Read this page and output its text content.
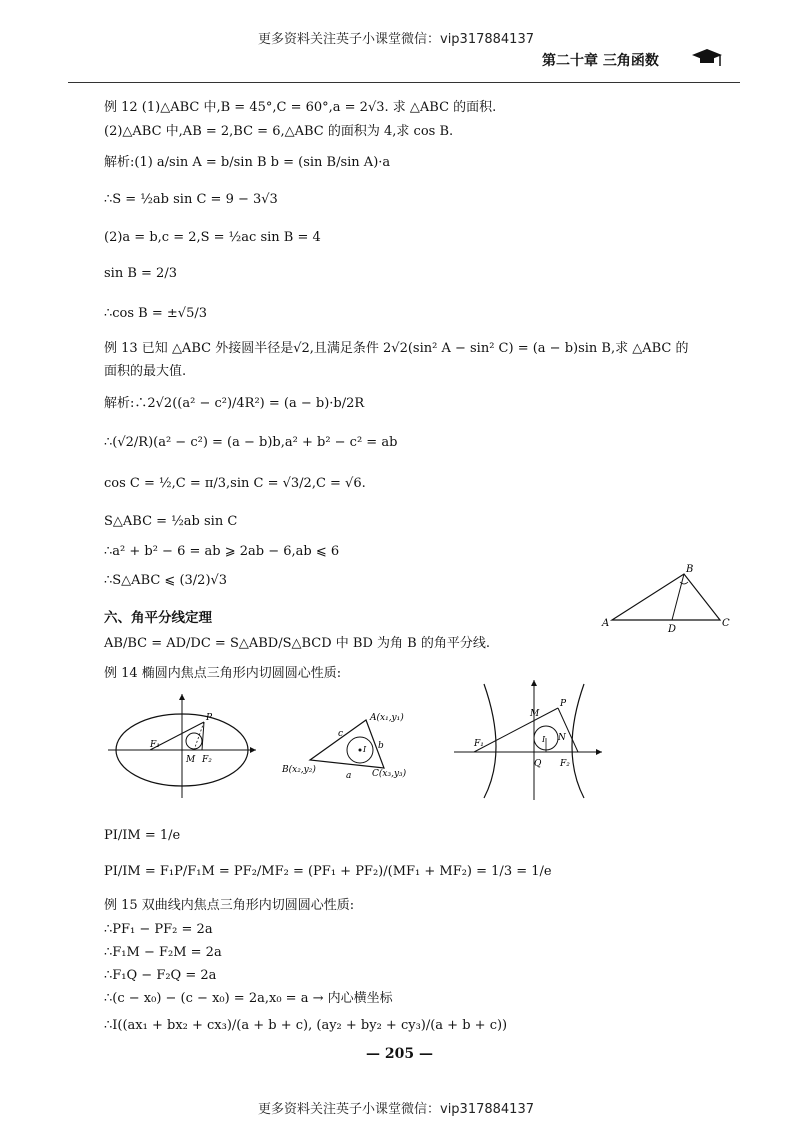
更多资料关注英子小课堂微信：vip317884137
第二十章 三角函数
例 12 (1)△ABC 中,B = 45°,C = 60°,a = 2√3. 求 △ABC 的面积.
(2)△ABC 中,AB = 2,BC = 6,△ABC 的面积为 4,求 cos B.
解析:(1) a/sin A = b/sin B b = (sin B/sin A)·a
∴S = ½ab sin C = 9 − 3√3
(2)a = b,c = 2,S = ½ac sin B = 4
sin B = 2/3
∴cos B = ±√5/3
例 13 已知 △ABC 外接圆半径是√2,且满足条件 2√2(sin² A − sin² C) = (a − b)sin B,求 △ABC 的
面积的最大值.
解析:∴2√2((a² − c²)/4R²) = (a − b)·b/2R
∴(√2/R)(a² − c²) = (a − b)b,a² + b² − c² = ab
cos C = ½,C = π/3,sin C = √3/2,C = √6.
S△ABC = ½ab sin C
∴a² + b² − 6 = ab ⩾ 2ab − 6,ab ⩽ 6
∴S△ABC ⩽ (3/2)√3
六、角平分线定理
AB/BC = AD/DC = S△ABD/S△BCD 中 BD 为角 B 的角平分线.
B
A	C
D
例 14 椭圆内焦点三角形内切圆圆心性质:
P
F₁
M F₂
A(x₁,y₁)
B(x₂,y₂)	C(x₃,y₃)
a
b
c
I
M
P
N
F₁
Q F₂
I
PI/IM = 1/e
PI/IM = F₁P/F₁M = PF₂/MF₂ = (PF₁ + PF₂)/(MF₁ + MF₂) = 1/3 = 1/e
例 15 双曲线内焦点三角形内切圆圆心性质:
∴PF₁ − PF₂ = 2a
∴F₁M − F₂M = 2a
∴F₁Q − F₂Q = 2a
∴(c − x₀) − (c − x₀) = 2a,x₀ = a → 内心横坐标
∴I((ax₁ + bx₂ + cx₃)/(a + b + c), (ay₂ + by₂ + cy₃)/(a + b + c))
— 205 —
更多资料关注英子小课堂微信：vip317884137
